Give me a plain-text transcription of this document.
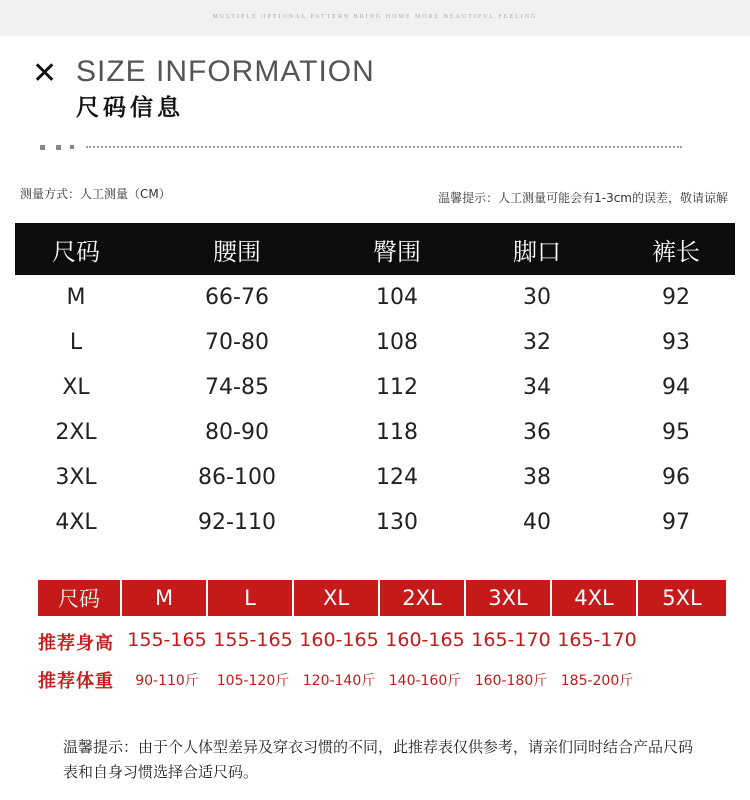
MULTIPLE OPTIONAL PATTERN BRING HOME MORE BEAUTIFUL FEELING
✕ SIZE INFORMATION
尺码信息
测量方式：人工测量（CM）	温馨提示：人工测量可能会有1-3cm的误差，敬请谅解
尺码	腰围	臀围	脚口	裤长
M	66-76	104	30	92
L	70-80	108	32	93
XL	74-85	112	34	94
2XL	80-90	118	36	95
3XL	86-100	124	38	96
4XL	92-110	130	40	97
尺码	M	L	XL	2XL	3XL	4XL	5XL
推荐身高 155-165 155-165 160-165 160-165 165-170 165-170
推荐体重	90-110斤	105-120斤 120-140斤 140-160斤 160-180斤 185-200斤
温馨提示：由于个人体型差异及穿衣习惯的不同，此推荐表仅供参考，请亲们同时结合产品尺码表和自身习惯选择合适尺码。
